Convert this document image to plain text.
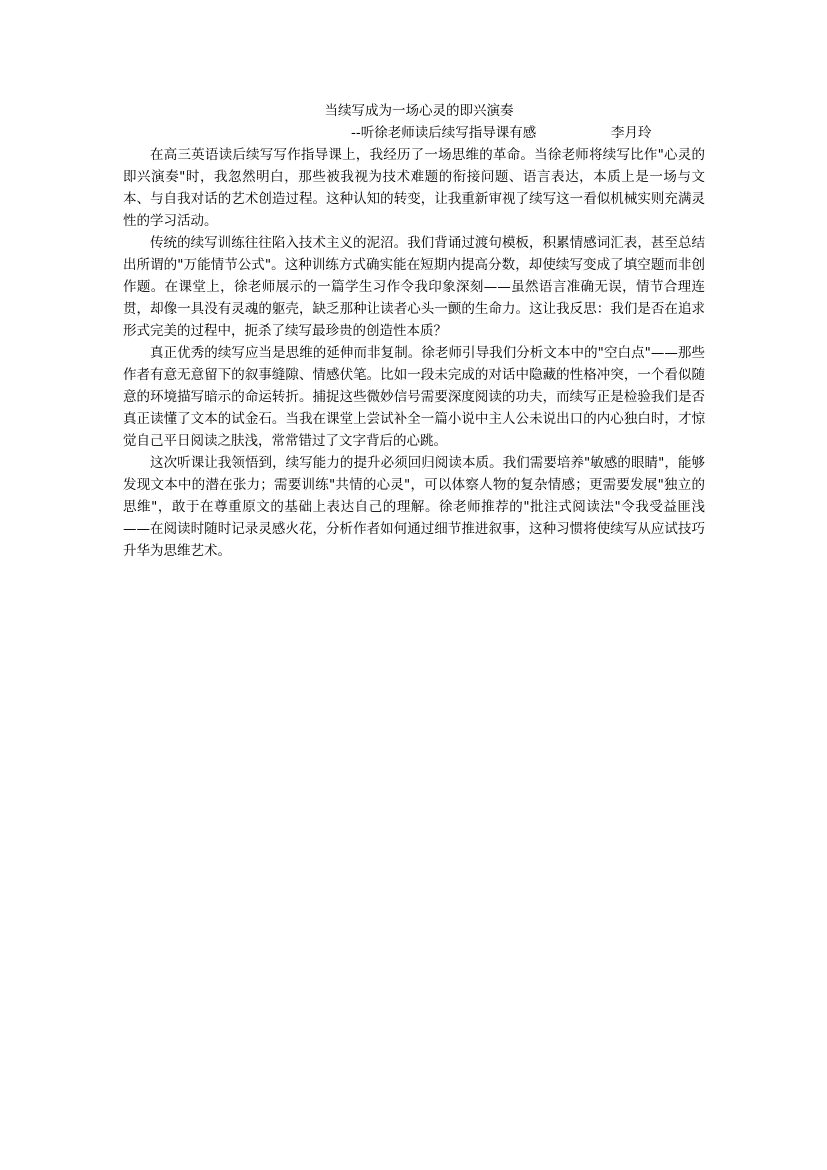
当续写成为一场心灵的即兴演奏
--听徐老师读后续写指导课有感	李月玲

在高三英语读后续写写作指导课上，我经历了一场思维的革命。当徐老师将续写比作"心灵的即兴演奏"时，我忽然明白，那些被我视为技术难题的衔接问题、语言表达，本质上是一场与文本、与自我对话的艺术创造过程。这种认知的转变，让我重新审视了续写这一看似机械实则充满灵性的学习活动。

传统的续写训练往往陷入技术主义的泥沼。我们背诵过渡句模板，积累情感词汇表，甚至总结出所谓的"万能情节公式"。这种训练方式确实能在短期内提高分数，却使续写变成了填空题而非创作题。在课堂上，徐老师展示的一篇学生习作令我印象深刻——虽然语言准确无误，情节合理连贯，却像一具没有灵魂的躯壳，缺乏那种让读者心头一颤的生命力。这让我反思：我们是否在追求形式完美的过程中，扼杀了续写最珍贵的创造性本质？

真正优秀的续写应当是思维的延伸而非复制。徐老师引导我们分析文本中的"空白点"——那些作者有意无意留下的叙事缝隙、情感伏笔。比如一段未完成的对话中隐藏的性格冲突，一个看似随意的环境描写暗示的命运转折。捕捉这些微妙信号需要深度阅读的功夫，而续写正是检验我们是否真正读懂了文本的试金石。当我在课堂上尝试补全一篇小说中主人公未说出口的内心独白时，才惊觉自己平日阅读之肤浅，常常错过了文字背后的心跳。

这次听课让我领悟到，续写能力的提升必须回归阅读本质。我们需要培养"敏感的眼睛"，能够发现文本中的潜在张力；需要训练"共情的心灵"，可以体察人物的复杂情感；更需要发展"独立的思维"，敢于在尊重原文的基础上表达自己的理解。徐老师推荐的"批注式阅读法"令我受益匪浅——在阅读时随时记录灵感火花，分析作者如何通过细节推进叙事，这种习惯将使续写从应试技巧升华为思维艺术。
